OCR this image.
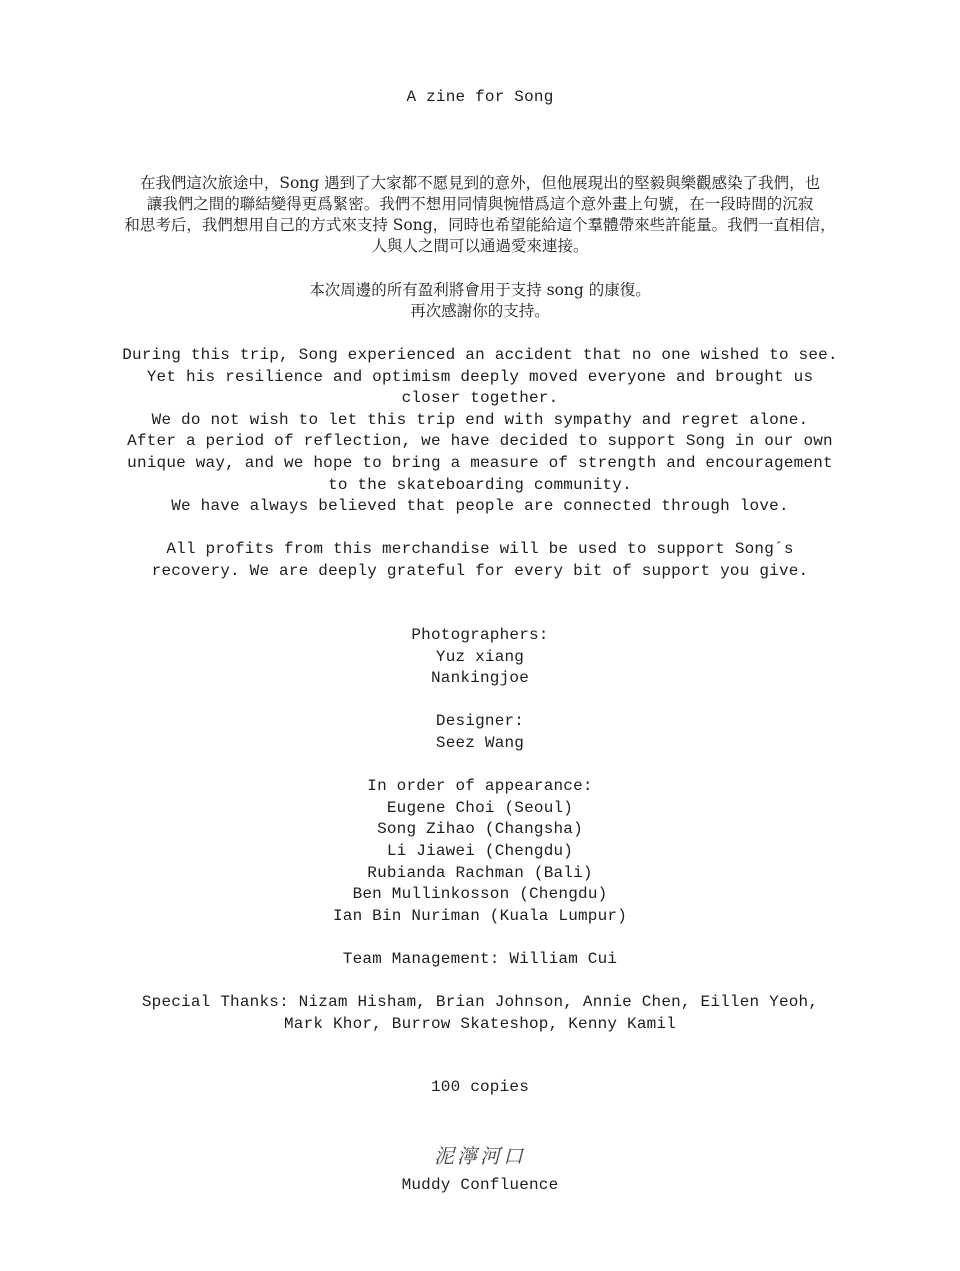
A zine for Song
在我們這次旅途中，Song 遇到了大家都不愿見到的意外，但他展現出的堅毅與樂觀感染了我們，也
讓我們之間的聯結變得更爲緊密。我們不想用同情與惋惜爲這个意外畫上句號，在一段時間的沉寂
和思考后，我們想用自己的方式來支持 Song，同時也希望能給這个羣體帶來些許能量。我們一直相信，
人與人之間可以通過愛來連接。
本次周邊的所有盈利將會用于支持 song 的康復。
再次感謝你的支持。
During this trip, Song experienced an accident that no one wished to see.
Yet his resilience and optimism deeply moved everyone and brought us
closer together.
We do not wish to let this trip end with sympathy and regret alone.
After a period of reflection, we have decided to support Song in our own
unique way, and we hope to bring a measure of strength and encouragement
to the skateboarding community.
We have always believed that people are connected through love.
All profits from this merchandise will be used to support Song´s
recovery. We are deeply grateful for every bit of support you give.
Photographers:
Yuz xiang
Nankingjoe
Designer:
Seez Wang
In order of appearance:
Eugene Choi (Seoul)
Song Zihao (Changsha)
Li Jiawei (Chengdu)
Rubianda Rachman (Bali)
Ben Mullinkosson (Chengdu)
Ian Bin Nuriman (Kuala Lumpur)
Team Management: William Cui
Special Thanks: Nizam Hisham, Brian Johnson, Annie Chen, Eillen Yeoh,
Mark Khor, Burrow Skateshop, Kenny Kamil
100 copies
泥濘河口
Muddy Confluence
